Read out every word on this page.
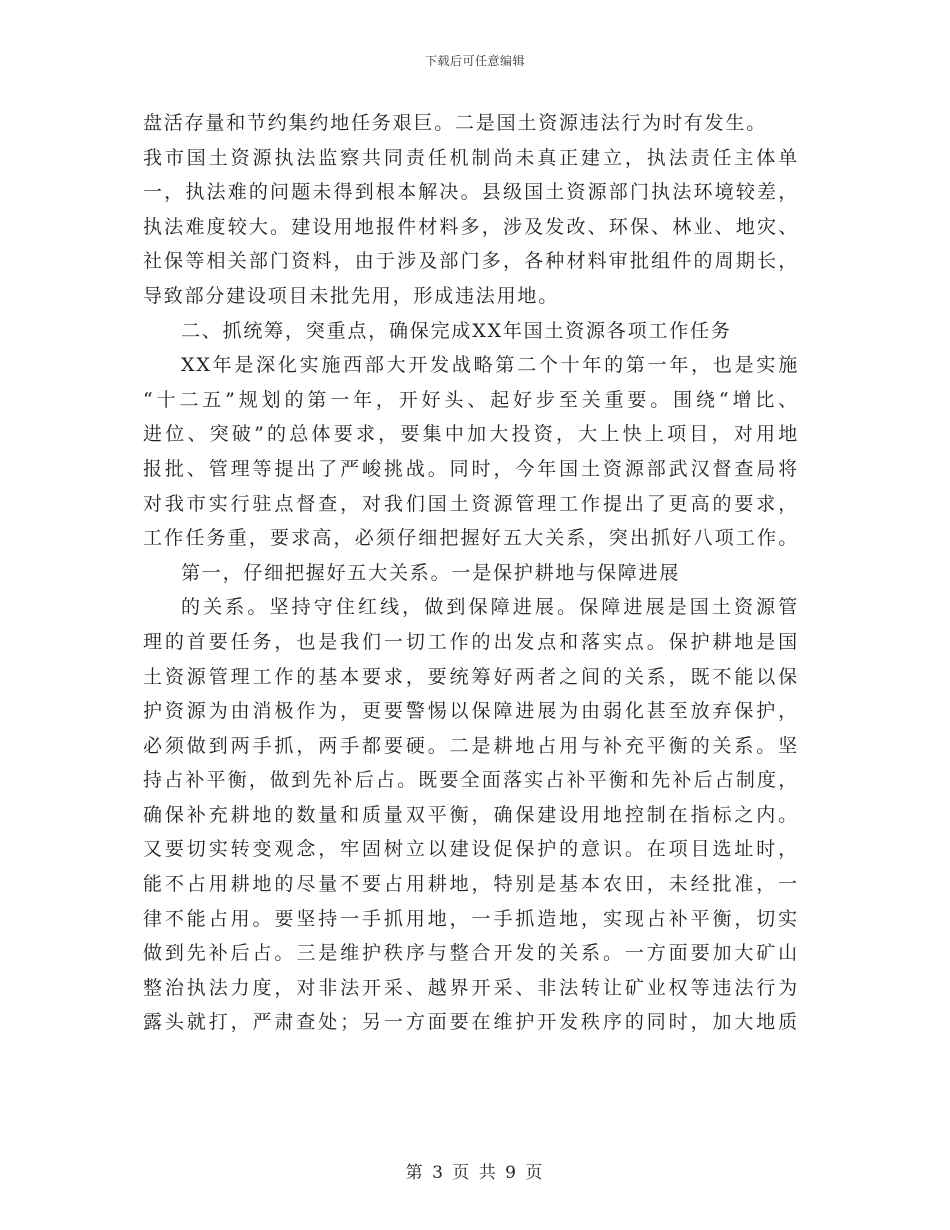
下载后可任意编辑
盘活存量和节约集约地任务艰巨。二是国土资源违法行为时有发生。
我市国土资源执法监察共同责任机制尚未真正建立，执法责任主体单
一，执法难的问题未得到根本解决。县级国土资源部门执法环境较差，
执法难度较大。建设用地报件材料多，涉及发改、环保、林业、地灾、
社保等相关部门资料，由于涉及部门多，各种材料审批组件的周期长，
导致部分建设项目未批先用，形成违法用地。
二、抓统筹，突重点，确保完成XX年国土资源各项工作任务
XX年是深化实施西部大开发战略第二个十年的第一年，也是实施
“十二五”规划的第一年，开好头、起好步至关重要。围绕“增比、
进位、突破”的总体要求，要集中加大投资，大上快上项目，对用地
报批、管理等提出了严峻挑战。同时，今年国土资源部武汉督查局将
对我市实行驻点督查，对我们国土资源管理工作提出了更高的要求，
工作任务重，要求高，必须仔细把握好五大关系，突出抓好八项工作。
第一，仔细把握好五大关系。一是保护耕地与保障进展
的关系。坚持守住红线，做到保障进展。保障进展是国土资源管
理的首要任务，也是我们一切工作的出发点和落实点。保护耕地是国
土资源管理工作的基本要求，要统筹好两者之间的关系，既不能以保
护资源为由消极作为，更要警惕以保障进展为由弱化甚至放弃保护，
必须做到两手抓，两手都要硬。二是耕地占用与补充平衡的关系。坚
持占补平衡，做到先补后占。既要全面落实占补平衡和先补后占制度，
确保补充耕地的数量和质量双平衡，确保建设用地控制在指标之内。
又要切实转变观念，牢固树立以建设促保护的意识。在项目选址时，
能不占用耕地的尽量不要占用耕地，特别是基本农田，未经批准，一
律不能占用。要坚持一手抓用地，一手抓造地，实现占补平衡，切实
做到先补后占。三是维护秩序与整合开发的关系。一方面要加大矿山
整治执法力度，对非法开采、越界开采、非法转让矿业权等违法行为
露头就打，严肃查处；另一方面要在维护开发秩序的同时，加大地质
第 3 页 共 9 页
